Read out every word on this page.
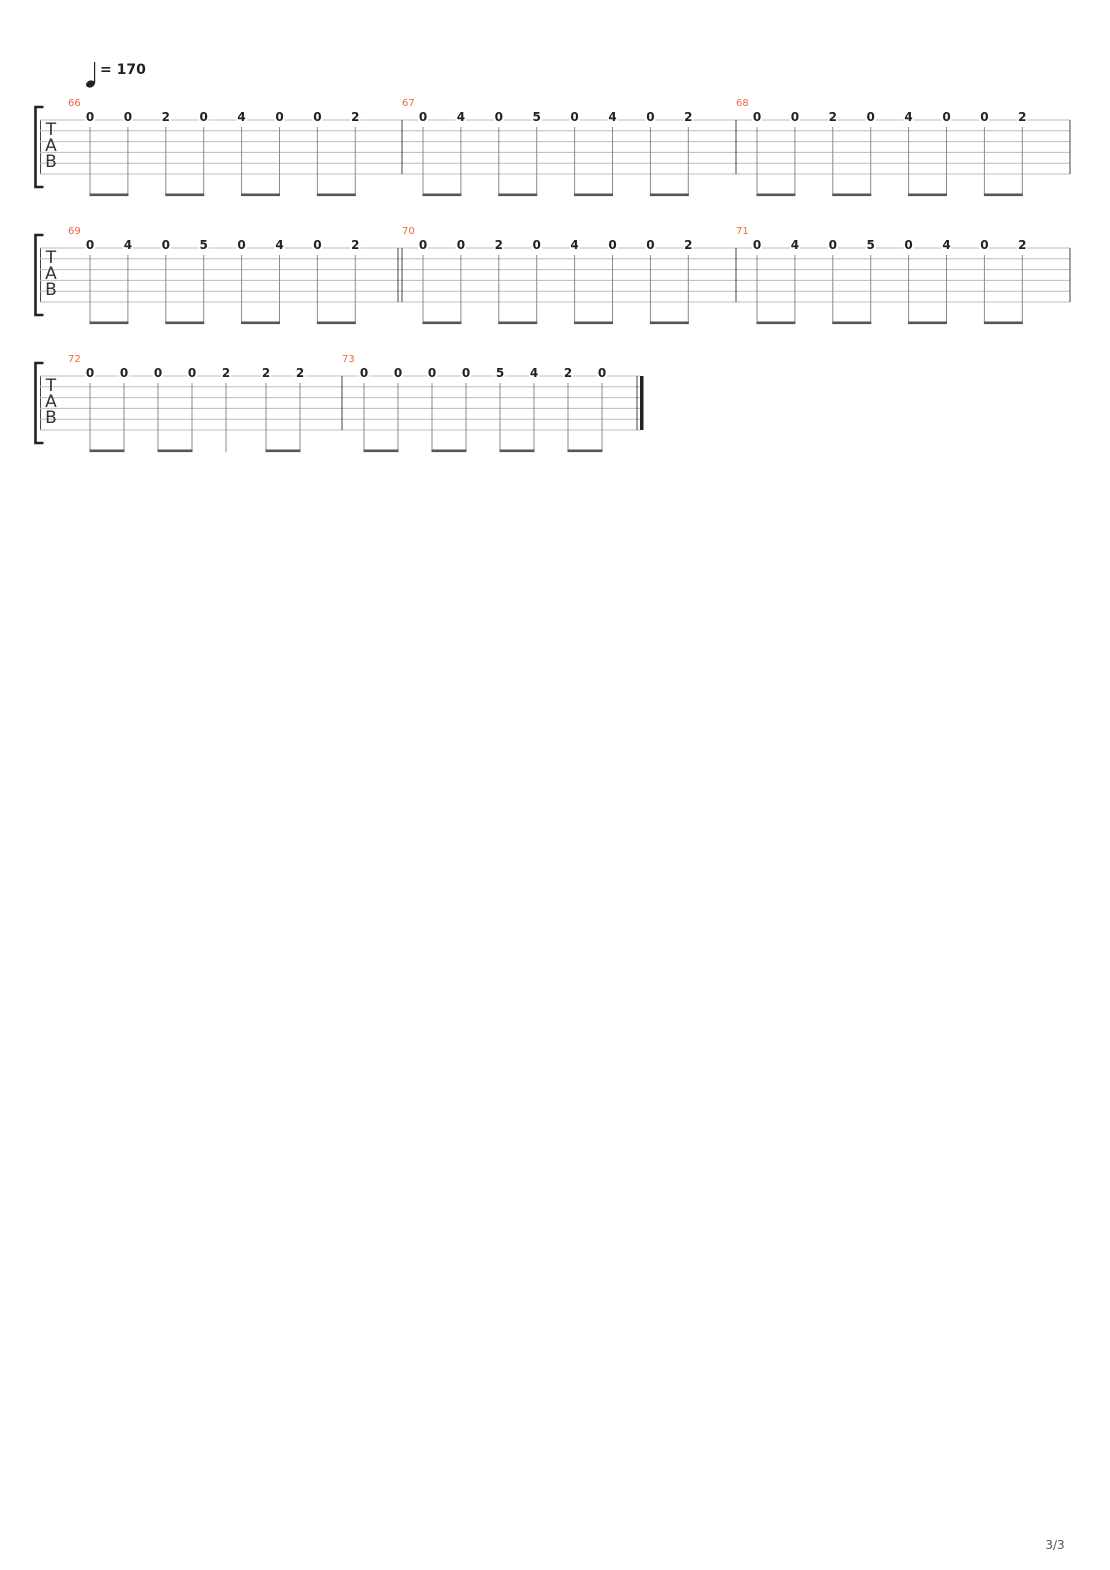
= 170
T
A
B
66
0 0 2 0 4 0 0 2
67
0 4 0 5 0 4 0 2
68
0 0 2 0 4 0 0 2
T
A
B
69
0 4 0 5 0 4 0 2
70
0 0 2 0 4 0 0 2
71
0 4 0 5 0 4 0 2
T
A
B
72
0 0 0 0 2	2 2
73
0 0 0 0 5 4 2 0
3/3
